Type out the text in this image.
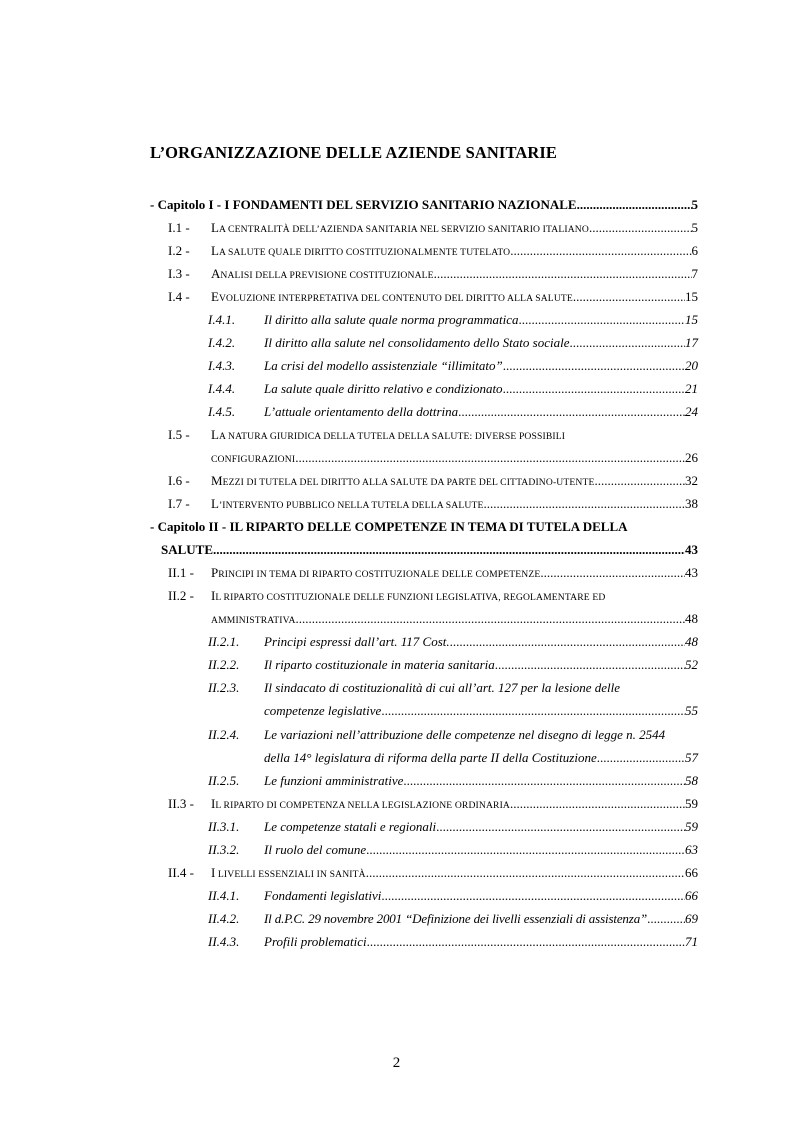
L’ORGANIZZAZIONE DELLE AZIENDE SANITARIE
- Capitolo I - I FONDAMENTI DEL SERVIZIO SANITARIO NAZIONALE .....	5
I.1 -	LA CENTRALITÀ DELL’AZIENDA SANITARIA NEL SERVIZIO SANITARIO ITALIANO .....	5
I.2 -	LA SALUTE QUALE DIRITTO COSTITUZIONALMENTE TUTELATO .....	6
I.3 -	ANALISI DELLA PREVISIONE COSTITUZIONALE .....	7
I.4 -	EVOLUZIONE INTERPRETATIVA DEL CONTENUTO DEL DIRITTO ALLA SALUTE .....	15
I.4.1.	Il diritto alla salute quale norma programmatica .....	15
I.4.2.	Il diritto alla salute nel consolidamento dello Stato sociale .....	17
I.4.3.	La crisi del modello assistenziale “illimitato” .....	20
I.4.4.	La salute quale diritto relativo e condizionato .....	21
I.4.5.	L’attuale orientamento della dottrina .....	24
I.5 -	LA NATURA GIURIDICA DELLA TUTELA DELLA SALUTE: DIVERSE POSSIBILI
CONFIGURAZIONI .....	26
I.6 -	MEZZI DI TUTELA DEL DIRITTO ALLA SALUTE DA PARTE DEL CITTADINO-UTENTE .....	32
I.7 -	L’INTERVENTO PUBBLICO NELLA TUTELA DELLA SALUTE .....	38
- Capitolo II - IL RIPARTO DELLE COMPETENZE IN TEMA DI TUTELA DELLA
SALUTE .....	43
II.1 -	PRINCIPI IN TEMA DI RIPARTO COSTITUZIONALE DELLE COMPETENZE .....	43
II.2 -	IL RIPARTO COSTITUZIONALE DELLE FUNZIONI LEGISLATIVA, REGOLAMENTARE ED
AMMINISTRATIVA .....	48
II.2.1.	Principi espressi dall’art. 117 Cost. .....	48
II.2.2.	Il riparto costituzionale in materia sanitaria .....	52
II.2.3.	Il sindacato di costituzionalità di cui all’art. 127 per la lesione delle
competenze legislative .....	55
II.2.4.	Le variazioni nell’attribuzione delle competenze nel disegno di legge n. 2544
della 14° legislatura di riforma della parte II della Costituzione .....	57
II.2.5.	Le funzioni amministrative .....	58
II.3 -	IL RIPARTO DI COMPETENZA NELLA LEGISLAZIONE ORDINARIA .....	59
II.3.1.	Le competenze statali e regionali .....	59
II.3.2.	Il ruolo del comune .....	63
II.4 -	I LIVELLI ESSENZIALI IN SANITÀ .....	66
II.4.1.	Fondamenti legislativi .....	66
II.4.2.	Il d.P.C. 29 novembre 2001 “Definizione dei livelli essenziali di assistenza” .....	69
II.4.3.	Profili problematici .....	71
2
